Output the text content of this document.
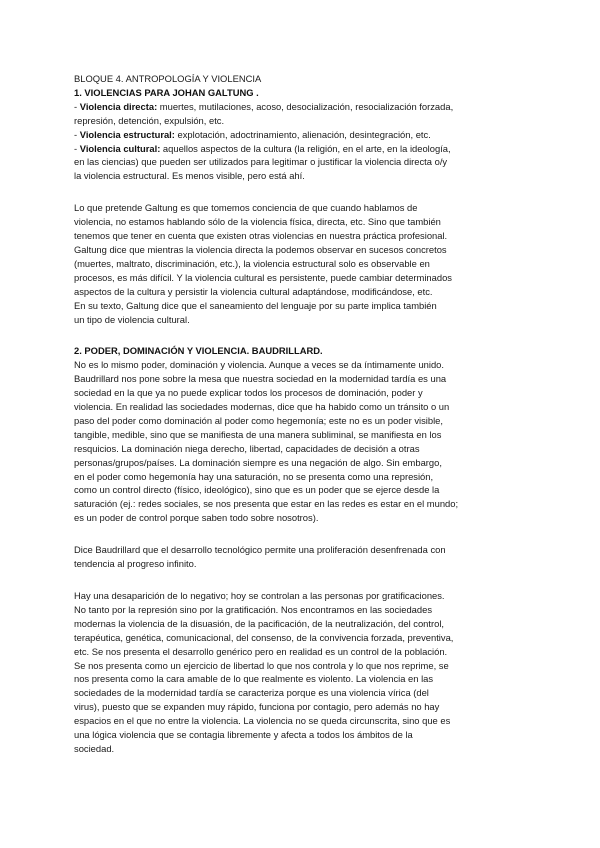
BLOQUE 4. ANTROPOLOGÍA Y VIOLENCIA
1. VIOLENCIAS PARA JOHAN GALTUNG .
- Violencia directa: muertes, mutilaciones, acoso, desocialización, resocialización forzada,
represión, detención, expulsión, etc.
- Violencia estructural: explotación, adoctrinamiento, alienación, desintegración, etc.
- Violencia cultural: aquellos aspectos de la cultura (la religión, en el arte, en la ideología,
en las ciencias) que pueden ser utilizados para legitimar o justificar la violencia directa o/y
la violencia estructural. Es menos visible, pero está ahí.
Lo que pretende Galtung es que tomemos conciencia de que cuando hablamos de
violencia, no estamos hablando sólo de la violencia física, directa, etc. Sino que también
tenemos que tener en cuenta que existen otras violencias en nuestra práctica profesional.
Galtung dice que mientras la violencia directa la podemos observar en sucesos concretos
(muertes, maltrato, discriminación, etc.), la violencia estructural solo es observable en
procesos, es más difícil. Y la violencia cultural es persistente, puede cambiar determinados
aspectos de la cultura y persistir la violencia cultural adaptándose, modificándose, etc.
En su texto, Galtung dice que el saneamiento del lenguaje por su parte implica también
un tipo de violencia cultural.
2. PODER, DOMINACIÓN Y VIOLENCIA. BAUDRILLARD.
No es lo mismo poder, dominación y violencia. Aunque a veces se da íntimamente unido.
Baudrillard nos pone sobre la mesa que nuestra sociedad en la modernidad tardía es una
sociedad en la que ya no puede explicar todos los procesos de dominación, poder y
violencia. En realidad las sociedades modernas, dice que ha habido como un tránsito o un
paso del poder como dominación al poder como hegemonía; este no es un poder visible,
tangible, medible, sino que se manifiesta de una manera subliminal, se manifiesta en los
resquicios. La dominación niega derecho, libertad, capacidades de decisión a otras
personas/grupos/países. La dominación siempre es una negación de algo. Sin embargo,
en el poder como hegemonía hay una saturación, no se presenta como una represión,
como un control directo (físico, ideológico), sino que es un poder que se ejerce desde la
saturación (ej.: redes sociales, se nos presenta que estar en las redes es estar en el mundo;
es un poder de control porque saben todo sobre nosotros).
Dice Baudrillard que el desarrollo tecnológico permite una proliferación desenfrenada con
tendencia al progreso infinito.
Hay una desaparición de lo negativo; hoy se controlan a las personas por gratificaciones.
No tanto por la represión sino por la gratificación. Nos encontramos en las sociedades
modernas la violencia de la disuasión, de la pacificación, de la neutralización, del control,
terapéutica, genética, comunicacional, del consenso, de la convivencia forzada, preventiva,
etc. Se nos presenta el desarrollo genérico pero en realidad es un control de la población.
Se nos presenta como un ejercicio de libertad lo que nos controla y lo que nos reprime, se
nos presenta como la cara amable de lo que realmente es violento. La violencia en las
sociedades de la modernidad tardía se caracteriza porque es una violencia vírica (del
virus), puesto que se expanden muy rápido, funciona por contagio, pero además no hay
espacios en el que no entre la violencia. La violencia no se queda circunscrita, sino que es
una lógica violencia que se contagia libremente y afecta a todos los ámbitos de la
sociedad.
